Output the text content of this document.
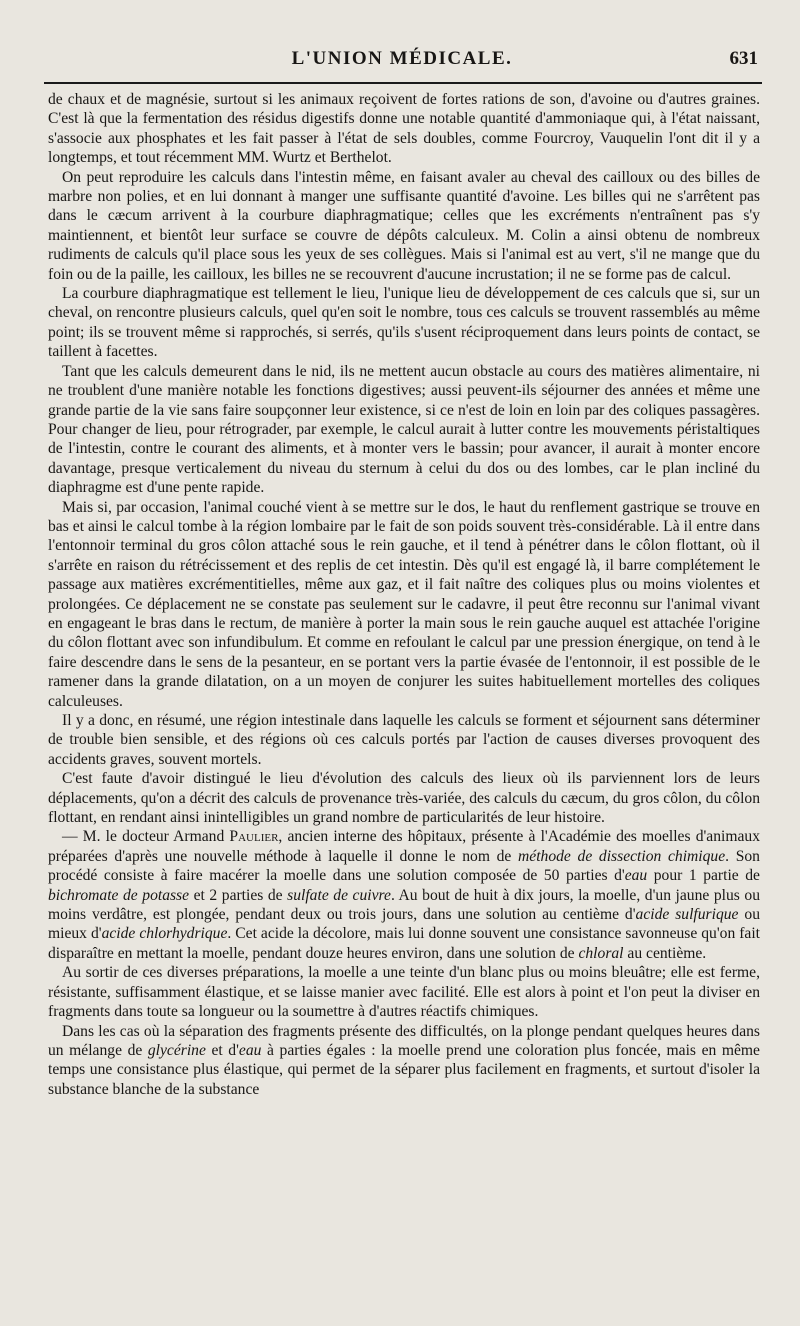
L'UNION MÉDICALE.	631

de chaux et de magnésie, surtout si les animaux reçoivent de fortes rations de son, d'avoine ou d'autres graines. C'est là que la fermentation des résidus digestifs donne une notable quantité d'ammoniaque qui, à l'état naissant, s'associe aux phosphates et les fait passer à l'état de sels doubles, comme Fourcroy, Vauquelin l'ont dit il y a longtemps, et tout récemment MM. Wurtz et Berthelot.

On peut reproduire les calculs dans l'intestin même, en faisant avaler au cheval des cailloux ou des billes de marbre non polies, et en lui donnant à manger une suffisante quantité d'avoine. Les billes qui ne s'arrêtent pas dans le cæcum arrivent à la courbure diaphragmatique; celles que les excréments n'entraînent pas s'y maintiennent, et bientôt leur surface se couvre de dépôts calculeux. M. Colin a ainsi obtenu de nombreux rudiments de calculs qu'il place sous les yeux de ses collègues. Mais si l'animal est au vert, s'il ne mange que du foin ou de la paille, les cailloux, les billes ne se recouvrent d'aucune incrustation; il ne se forme pas de calcul.

La courbure diaphragmatique est tellement le lieu, l'unique lieu de développement de ces calculs que si, sur un cheval, on rencontre plusieurs calculs, quel qu'en soit le nombre, tous ces calculs se trouvent rassemblés au même point; ils se trouvent même si rapprochés, si serrés, qu'ils s'usent réciproquement dans leurs points de contact, se taillent à facettes.

Tant que les calculs demeurent dans le nid, ils ne mettent aucun obstacle au cours des matières alimentaire, ni ne troublent d'une manière notable les fonctions digestives; aussi peuvent-ils séjourner des années et même une grande partie de la vie sans faire soupçonner leur existence, si ce n'est de loin en loin par des coliques passagères. Pour changer de lieu, pour rétrograder, par exemple, le calcul aurait à lutter contre les mouvements péristaltiques de l'intestin, contre le courant des aliments, et à monter vers le bassin; pour avancer, il aurait à monter encore davantage, presque verticalement du niveau du sternum à celui du dos ou des lombes, car le plan incliné du diaphragme est d'une pente rapide.

Mais si, par occasion, l'animal couché vient à se mettre sur le dos, le haut du renflement gastrique se trouve en bas et ainsi le calcul tombe à la région lombaire par le fait de son poids souvent très-considérable. Là il entre dans l'entonnoir terminal du gros côlon attaché sous le rein gauche, et il tend à pénétrer dans le côlon flottant, où il s'arrête en raison du rétrécissement et des replis de cet intestin. Dès qu'il est engagé là, il barre complétement le passage aux matières excrémentitielles, même aux gaz, et il fait naître des coliques plus ou moins violentes et prolongées. Ce déplacement ne se constate pas seulement sur le cadavre, il peut être reconnu sur l'animal vivant en engageant le bras dans le rectum, de manière à porter la main sous le rein gauche auquel est attachée l'origine du côlon flottant avec son infundibulum. Et comme en refoulant le calcul par une pression énergique, on tend à le faire descendre dans le sens de la pesanteur, en se portant vers la partie évasée de l'entonnoir, il est possible de le ramener dans la grande dilatation, on a un moyen de conjurer les suites habituellement mortelles des coliques calculeuses.

Il y a donc, en résumé, une région intestinale dans laquelle les calculs se forment et séjournent sans déterminer de trouble bien sensible, et des régions où ces calculs portés par l'action de causes diverses provoquent des accidents graves, souvent mortels.

C'est faute d'avoir distingué le lieu d'évolution des calculs des lieux où ils parviennent lors de leurs déplacements, qu'on a décrit des calculs de provenance très-variée, des calculs du cæcum, du gros côlon, du côlon flottant, en rendant ainsi inintelligibles un grand nombre de particularités de leur histoire.

— M. le docteur Armand Paulier, ancien interne des hôpitaux, présente à l'Académie des moelles d'animaux préparées d'après une nouvelle méthode à laquelle il donne le nom de méthode de dissection chimique. Son procédé consiste à faire macérer la moelle dans une solution composée de 50 parties d'eau pour 1 partie de bichromate de potasse et 2 parties de sulfate de cuivre. Au bout de huit à dix jours, la moelle, d'un jaune plus ou moins verdâtre, est plongée, pendant deux ou trois jours, dans une solution au centième d'acide sulfurique ou mieux d'acide chlorhydrique. Cet acide la décolore, mais lui donne souvent une consistance savonneuse qu'on fait disparaître en mettant la moelle, pendant douze heures environ, dans une solution de chloral au centième.

Au sortir de ces diverses préparations, la moelle a une teinte d'un blanc plus ou moins bleuâtre; elle est ferme, résistante, suffisamment élastique, et se laisse manier avec facilité. Elle est alors à point et l'on peut la diviser en fragments dans toute sa longueur ou la soumettre à d'autres réactifs chimiques.

Dans les cas où la séparation des fragments présente des difficultés, on la plonge pendant quelques heures dans un mélange de glycérine et d'eau à parties égales : la moelle prend une coloration plus foncée, mais en même temps une consistance plus élastique, qui permet de la séparer plus facilement en fragments, et surtout d'isoler la substance blanche de la substance
